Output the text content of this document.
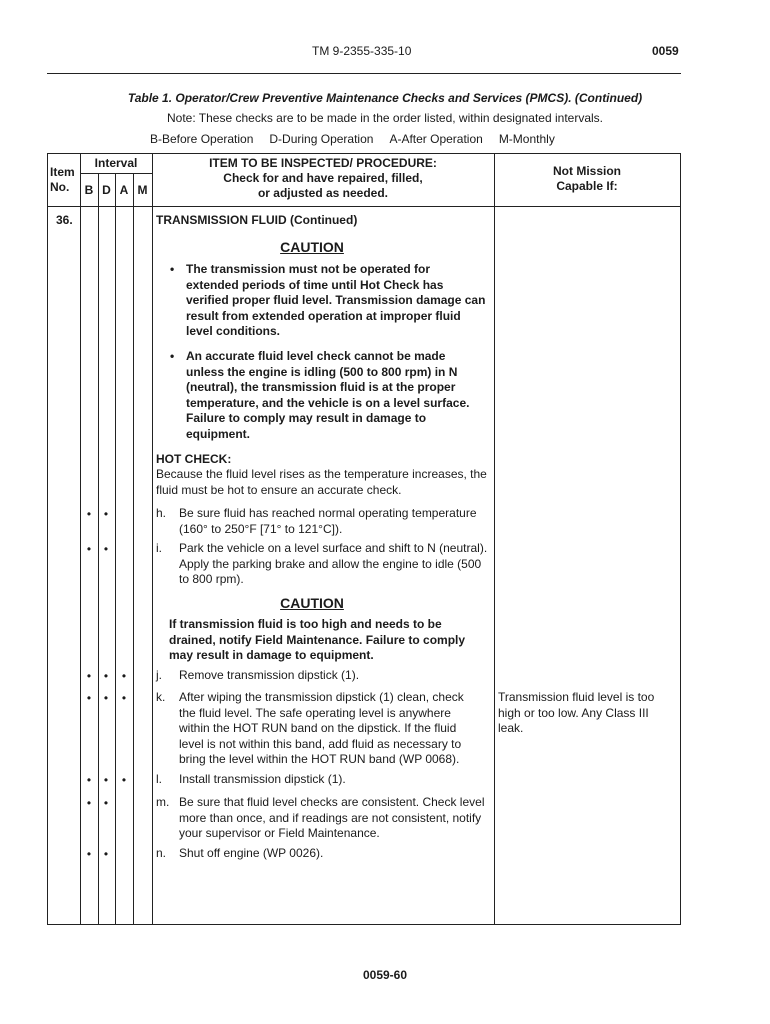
TM 9-2355-335-10	0059
Table 1. Operator/Crew Preventive Maintenance Checks and Services (PMCS). (Continued)
Note: These checks are to be made in the order listed, within designated intervals.
B-Before Operation D-During Operation A-After Operation M-Monthly
Item
No.
Interval
B D A M
ITEM TO BE INSPECTED/ PROCEDURE:
Check for and have repaired, filled,
or adjusted as needed.
Not Mission
Capable If:
36.	TRANSMISSION FLUID (Continued)
CAUTION
• The transmission must not be operated for extended periods of time until Hot Check has verified proper fluid level. Transmission damage can result from extended operation at improper fluid level conditions.
• An accurate fluid level check cannot be made unless the engine is idling (500 to 800 rpm) in N (neutral), the transmission fluid is at the proper temperature, and the vehicle is on a level surface. Failure to comply may result in damage to equipment.
HOT CHECK:
Because the fluid level rises as the temperature increases, the fluid must be hot to ensure an accurate check.
h. Be sure fluid has reached normal operating temperature (160° to 250°F [71° to 121°C]).
• •
i. Park the vehicle on a level surface and shift to N (neutral). Apply the parking brake and allow the engine to idle (500 to 800 rpm).
• •
CAUTION
If transmission fluid is too high and needs to be drained, notify Field Maintenance. Failure to comply may result in damage to equipment.
j. Remove transmission dipstick (1).
• • •
k. After wiping the transmission dipstick (1) clean, check the fluid level. The safe operating level is anywhere within the HOT RUN band on the dipstick. If the fluid level is not within this band, add fluid as necessary to bring the level within the HOT RUN band (WP 0068).
• • •
l. Install transmission dipstick (1).
• • •
m. Be sure that fluid level checks are consistent. Check level more than once, and if readings are not consistent, notify your supervisor or Field Maintenance.
• •
n. Shut off engine (WP 0026).
• •
Transmission fluid level is too high or too low. Any Class III leak.
0059-60
